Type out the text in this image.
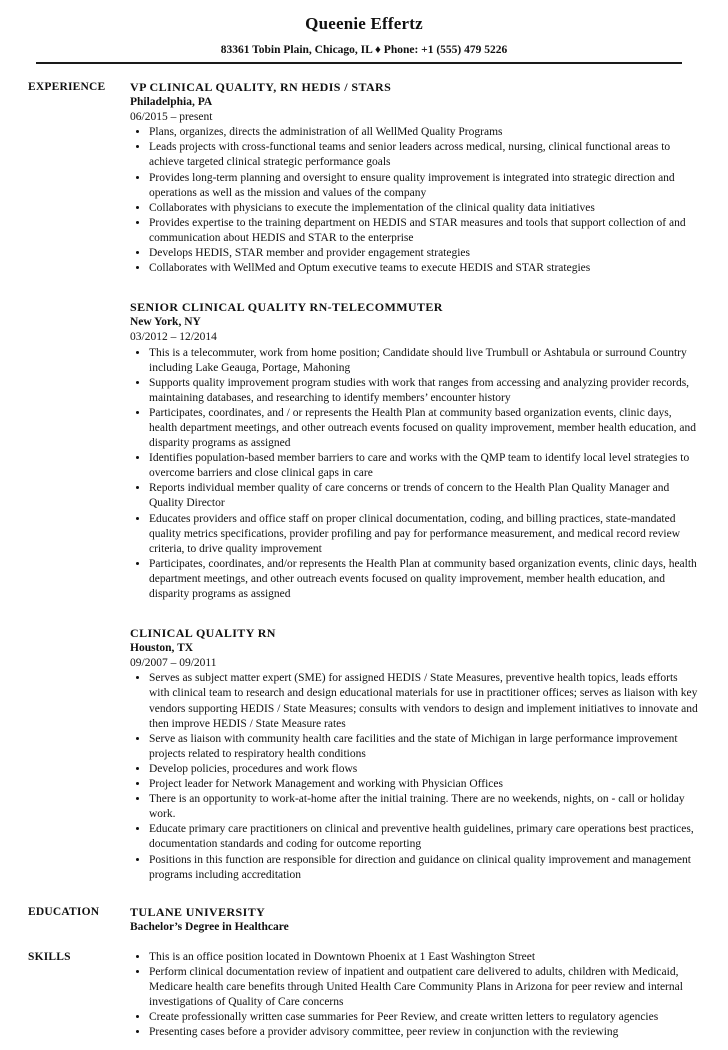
Queenie Effertz
83361 Tobin Plain, Chicago, IL ♦ Phone: +1 (555) 479 5226
EXPERIENCE	VP CLINICAL QUALITY, RN HEDIS / STARS
Philadelphia, PA
06/2015 – present
• Plans, organizes, directs the administration of all WellMed Quality Programs
• Leads projects with cross-functional teams and senior leaders across medical, nursing, clinical functional areas to achieve targeted clinical strategic performance goals
• Provides long-term planning and oversight to ensure quality improvement is integrated into strategic direction and operations as well as the mission and values of the company
• Collaborates with physicians to execute the implementation of the clinical quality data initiatives
• Provides expertise to the training department on HEDIS and STAR measures and tools that support collection of and communication about HEDIS and STAR to the enterprise
• Develops HEDIS, STAR member and provider engagement strategies
• Collaborates with WellMed and Optum executive teams to execute HEDIS and STAR strategies
SENIOR CLINICAL QUALITY RN-TELECOMMUTER
New York, NY
03/2012 – 12/2014
• This is a telecommuter, work from home position; Candidate should live Trumbull or Ashtabula or surround Country including Lake Geauga, Portage, Mahoning
• Supports quality improvement program studies with work that ranges from accessing and analyzing provider records, maintaining databases, and researching to identify members’ encounter history
• Participates, coordinates, and / or represents the Health Plan at community based organization events, clinic days, health department meetings, and other outreach events focused on quality improvement, member health education, and disparity programs as assigned
• Identifies population-based member barriers to care and works with the QMP team to identify local level strategies to overcome barriers and close clinical gaps in care
• Reports individual member quality of care concerns or trends of concern to the Health Plan Quality Manager and Quality Director
• Educates providers and office staff on proper clinical documentation, coding, and billing practices, state-mandated quality metrics specifications, provider profiling and pay for performance measurement, and medical record review criteria, to drive quality improvement
• Participates, coordinates, and/or represents the Health Plan at community based organization events, clinic days, health department meetings, and other outreach events focused on quality improvement, member health education, and disparity programs as assigned
CLINICAL QUALITY RN
Houston, TX
09/2007 – 09/2011
• Serves as subject matter expert (SME) for assigned HEDIS / State Measures, preventive health topics, leads efforts with clinical team to research and design educational materials for use in practitioner offices; serves as liaison with key vendors supporting HEDIS / State Measures; consults with vendors to design and implement initiatives to innovate and then improve HEDIS / State Measure rates
• Serve as liaison with community health care facilities and the state of Michigan in large performance improvement projects related to respiratory health conditions
• Develop policies, procedures and work flows
• Project leader for Network Management and working with Physician Offices
• There is an opportunity to work-at-home after the initial training. There are no weekends, nights, on - call or holiday work.
• Educate primary care practitioners on clinical and preventive health guidelines, primary care operations best practices, documentation standards and coding for outcome reporting
• Positions in this function are responsible for direction and guidance on clinical quality improvement and management programs including accreditation
EDUCATION	TULANE UNIVERSITY
Bachelor’s Degree in Healthcare
SKILLS	• This is an office position located in Downtown Phoenix at 1 East Washington Street
• Perform clinical documentation review of inpatient and outpatient care delivered to adults, children with Medicaid, Medicare health care benefits through United Health Care Community Plans in Arizona for peer review and internal investigations of Quality of Care concerns
• Create professionally written case summaries for Peer Review, and create written letters to regulatory agencies
• Presenting cases before a provider advisory committee, peer review in conjunction with the reviewing
